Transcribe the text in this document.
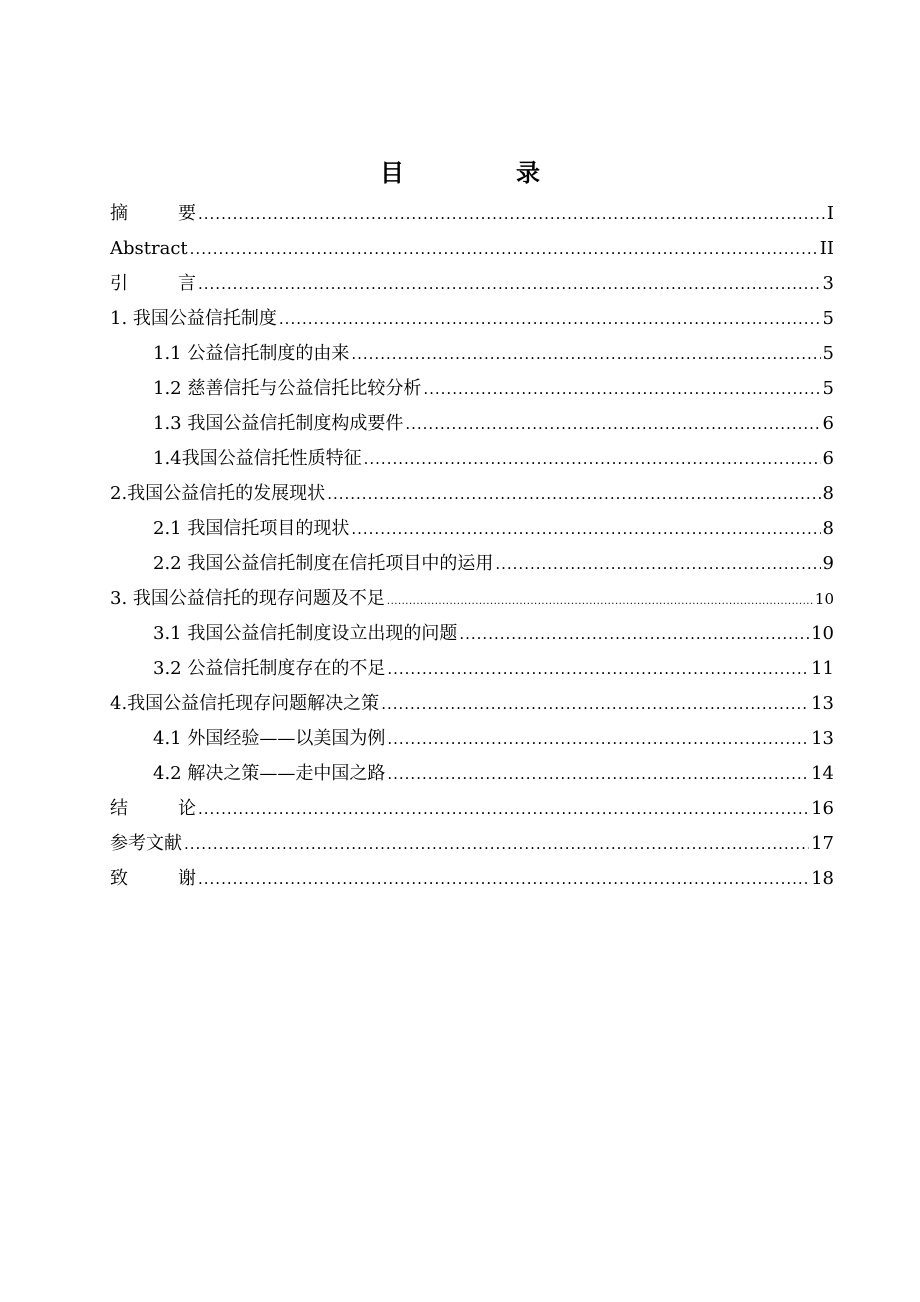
目　录
摘　　要 .....	I
Abstract .....	II
引　　言 .....	3
1. 我国公益信托制度 .....	5
1.1 公益信托制度的由来 .....	5
1.2 慈善信托与公益信托比较分析 .....	5
1.3 我国公益信托制度构成要件 .....	6
1.4我国公益信托性质特征 .....	6
2.我国公益信托的发展现状 .....	8
2.1 我国信托项目的现状 .....	8
2.2 我国公益信托制度在信托项目中的运用 .....	9
3. 我国公益信托的现存问题及不足 .....	10
3.1 我国公益信托制度设立出现的问题 .....	10
3.2 公益信托制度存在的不足 .....	11
4.我国公益信托现存问题解决之策 .....	13
4.1 外国经验——以美国为例 .....	13
4.2 解决之策——走中国之路 .....	14
结　　论 .....	16
参考文献 .....	17
致　　谢 .....	18
